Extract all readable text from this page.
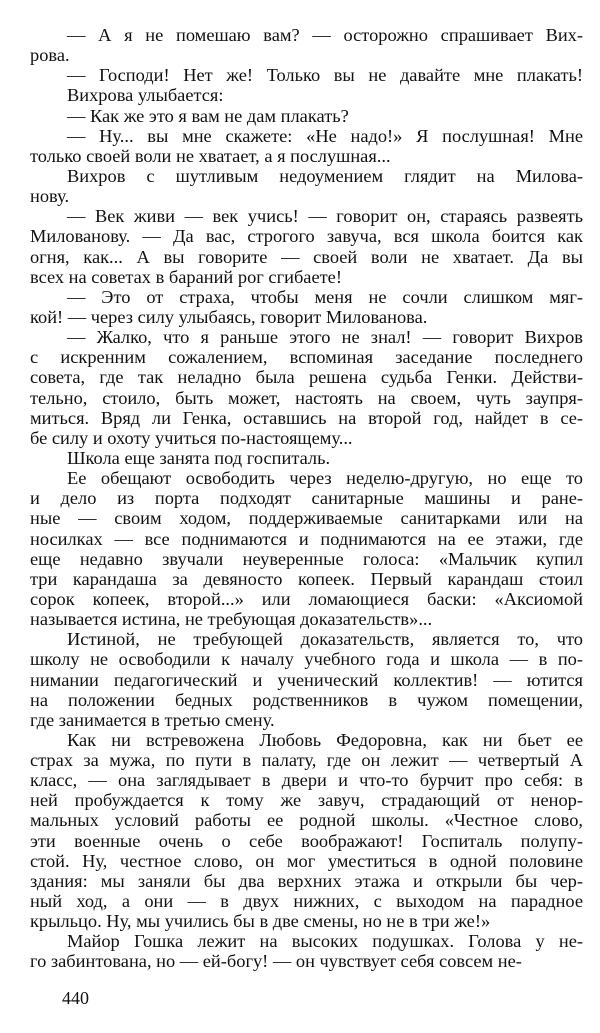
— А я не помешаю вам? — осторожно спрашивает Вих-
рова.
— Господи! Нет же! Только вы не давайте мне плакать!
Вихрова улыбается:
— Как же это я вам не дам плакать?
— Ну... вы мне скажете: «Не надо!» Я послушная! Мне
только своей воли не хватает, а я послушная...
Вихров с шутливым недоумением глядит на Милова-
нову.
— Век живи — век учись! — говорит он, стараясь развеять
Милованову. — Да вас, строгого завуча, вся школа боится как
огня, как... А вы говорите — своей воли не хватает. Да вы
всех на советах в бараний рог сгибаете!
— Это от страха, чтобы меня не сочли слишком мяг-
кой! — через силу улыбаясь, говорит Милованова.
— Жалко, что я раньше этого не знал! — говорит Вихров
с искренним сожалением, вспоминая заседание последнего
совета, где так неладно была решена судьба Генки. Действи-
тельно, стоило, быть может, настоять на своем, чуть заупря-
миться. Вряд ли Генка, оставшись на второй год, найдет в се-
бе силу и охоту учиться по-настоящему...
Школа еще занята под госпиталь.
Ее обещают освободить через неделю-другую, но еще то
и дело из порта подходят санитарные машины и ране-
ные — своим ходом, поддерживаемые санитарками или на
носилках — все поднимаются и поднимаются на ее этажи, где
еще недавно звучали неуверенные голоса: «Мальчик купил
три карандаша за девяносто копеек. Первый карандаш стоил
сорок копеек, второй...» или ломающиеся баски: «Аксиомой
называется истина, не требующая доказательств»...
Истиной, не требующей доказательств, является то, что
школу не освободили к началу учебного года и школа — в по-
нимании педагогический и ученический коллектив! — ютится
на положении бедных родственников в чужом помещении,
где занимается в третью смену.
Как ни встревожена Любовь Федоровна, как ни бьет ее
страх за мужа, по пути в палату, где он лежит — четвертый А
класс, — она заглядывает в двери и что-то бурчит про себя: в
ней пробуждается к тому же завуч, страдающий от ненор-
мальных условий работы ее родной школы. «Честное слово,
эти военные очень о себе воображают! Госпиталь полупу-
стой. Ну, честное слово, он мог уместиться в одной половине
здания: мы заняли бы два верхних этажа и открыли бы чер-
ный ход, а они — в двух нижних, с выходом на парадное
крыльцо. Ну, мы учились бы в две смены, но не в три же!»
Майор Гошка лежит на высоких подушках. Голова у не-
го забинтована, но — ей-богу! — он чувствует себя совсем не-
440
